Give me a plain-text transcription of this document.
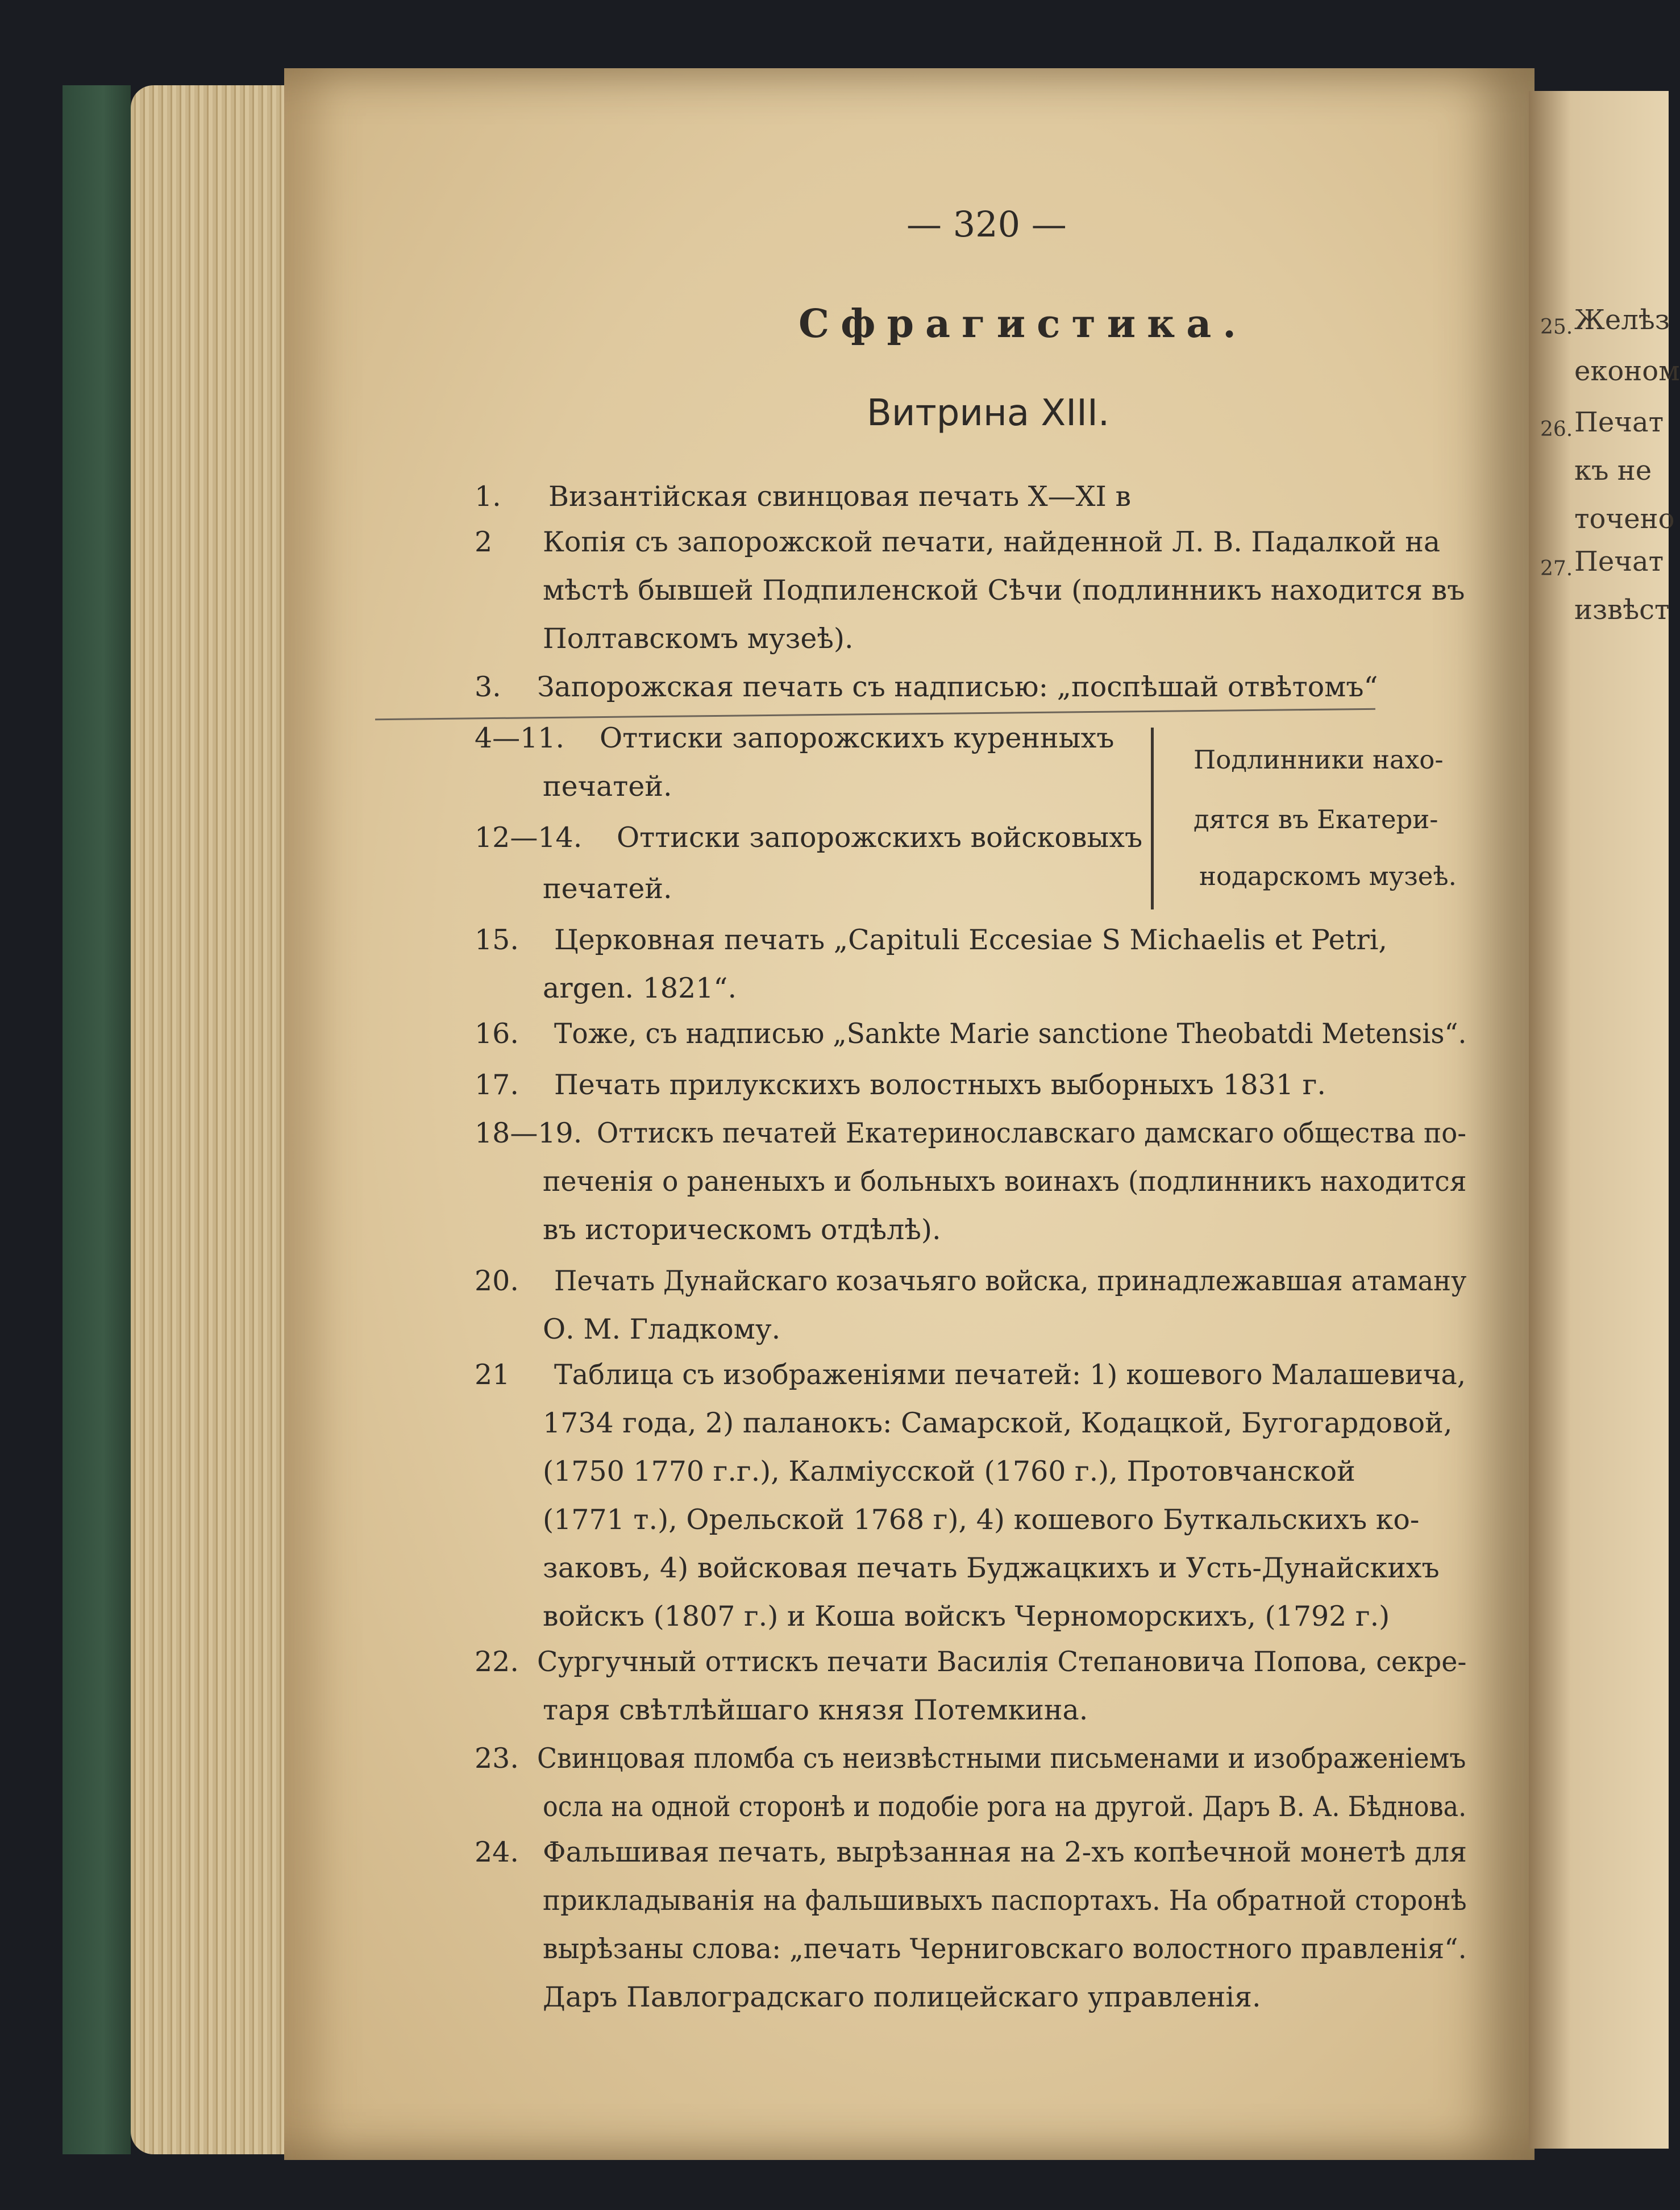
25. Желѣз
економ
26. Печат
къ не
точено
27. Печат
извѣст
— 320 —
Сфрагистика.
Витрина XIII.
1. Византійская свинцовая печать X—XI в
2 Копія съ запорожской печати, найденной Л. В. Падалкой на
мѣстѣ бывшей Подпиленской Сѣчи (подлинникъ находится въ
Полтавскомъ музеѣ).
3. Запорожская печать съ надписью: „поспѣшай отвѣтомъ“
4—11. Оттиски запорожскихъ куренныхъ
печатей.
12—14. Оттиски запорожскихъ войсковыхъ
печатей.
Подлинники нахо-
дятся въ Екатери-
нодарскомъ музеѣ.
15. Церковная печать „Capituli Eccesiae S Michaelis et Petri,
argen. 1821“.
16. Тоже, съ надписью „Sankte Marie sanctione Theobatdi Metensis“.
17. Печать прилукскихъ волостныхъ выборныхъ 1831 г.
18—19. Оттискъ печатей Екатеринославскаго дамскаго общества по-
печенія о раненыхъ и больныхъ воинахъ (подлинникъ находится
въ историческомъ отдѣлѣ).
20. Печать Дунайскаго козачьяго войска, принадлежавшая атаману
О. М. Гладкому.
21 Таблица съ изображеніями печатей: 1) кошевого Малашевича,
1734 года, 2) паланокъ: Самарской, Кодацкой, Бугогардовой,
(1750 1770 г.г.), Калміусской (1760 г.), Протовчанской
(1771 т.), Орельской 1768 г), 4) кошевого Буткальскихъ ко-
заковъ, 4) войсковая печать Буджацкихъ и Усть-Дунайскихъ
войскъ (1807 г.) и Коша войскъ Черноморскихъ, (1792 г.)
22. Сургучный оттискъ печати Василія Степановича Попова, секре-
таря свѣтлѣйшаго князя Потемкина.
23. Свинцовая пломба съ неизвѣстными письменами и изображеніемъ
осла на одной сторонѣ и подобіе рога на другой. Даръ В. А. Бѣднова.
24. Фальшивая печать, вырѣзанная на 2-хъ копѣечной монетѣ для
прикладыванія на фальшивыхъ паспортахъ. На обратной сторонѣ
вырѣзаны слова: „печать Черниговскаго волостного правленія“.
Даръ Павлоградскаго полицейскаго управленія.
